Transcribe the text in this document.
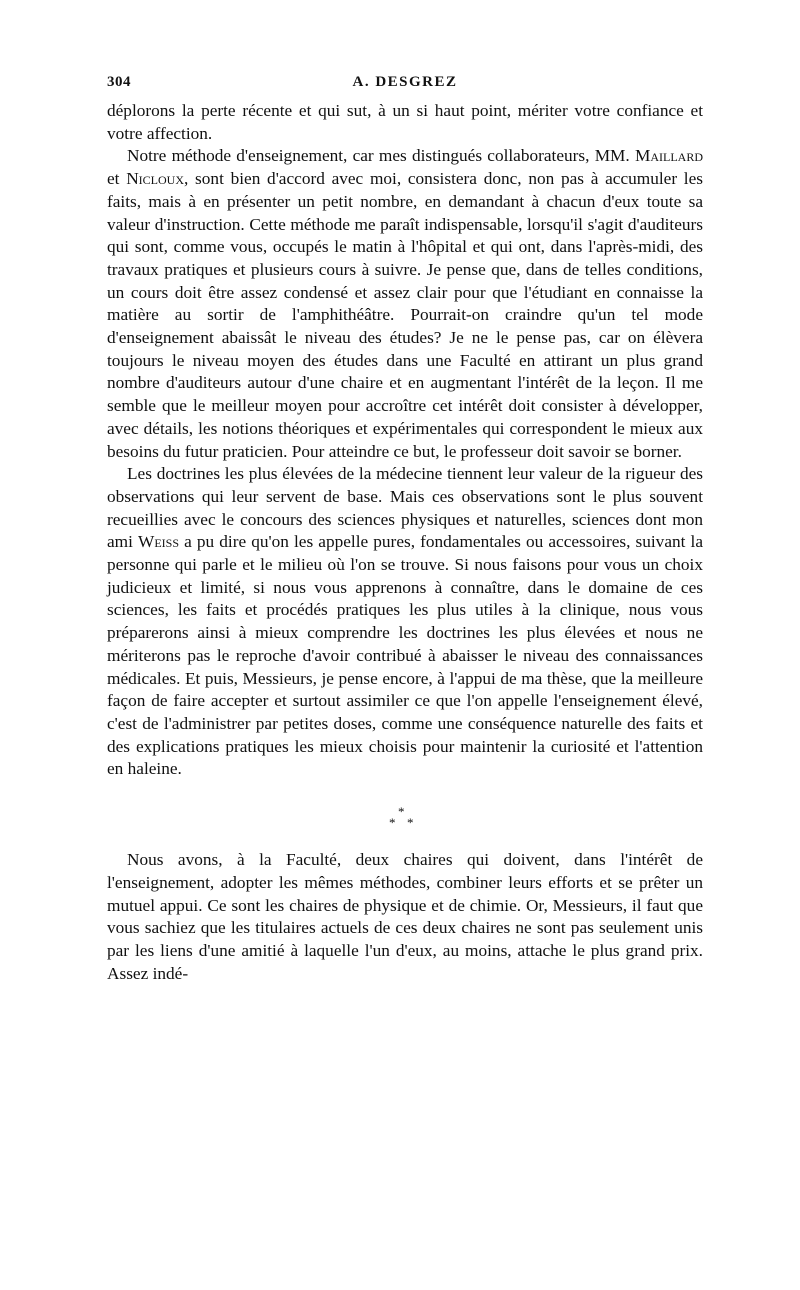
304	A. DESGREZ

déplorons la perte récente et qui sut, à un si haut point, mériter votre confiance et votre affection.

Notre méthode d'enseignement, car mes distingués collaborateurs, MM. Maillard et Nicloux, sont bien d'accord avec moi, consistera donc, non pas à accumuler les faits, mais à en présenter un petit nombre, en demandant à chacun d'eux toute sa valeur d'instruction. Cette méthode me paraît indispensable, lorsqu'il s'agit d'auditeurs qui sont, comme vous, occupés le matin à l'hôpital et qui ont, dans l'après-midi, des travaux pratiques et plusieurs cours à suivre. Je pense que, dans de telles conditions, un cours doit être assez condensé et assez clair pour que l'étudiant en connaisse la matière au sortir de l'amphithéâtre. Pourrait-on craindre qu'un tel mode d'enseignement abaissât le niveau des études? Je ne le pense pas, car on élèvera toujours le niveau moyen des études dans une Faculté en attirant un plus grand nombre d'auditeurs autour d'une chaire et en augmentant l'intérêt de la leçon. Il me semble que le meilleur moyen pour accroître cet intérêt doit consister à développer, avec détails, les notions théoriques et expérimentales qui correspondent le mieux aux besoins du futur praticien. Pour atteindre ce but, le professeur doit savoir se borner.

Les doctrines les plus élevées de la médecine tiennent leur valeur de la rigueur des observations qui leur servent de base. Mais ces observations sont le plus souvent recueillies avec le concours des sciences physiques et naturelles, sciences dont mon ami Weiss a pu dire qu'on les appelle pures, fondamentales ou accessoires, suivant la personne qui parle et le milieu où l'on se trouve. Si nous faisons pour vous un choix judicieux et limité, si nous vous apprenons à connaître, dans le domaine de ces sciences, les faits et procédés pratiques les plus utiles à la clinique, nous vous préparerons ainsi à mieux comprendre les doctrines les plus élevées et nous ne mériterons pas le reproche d'avoir contribué à abaisser le niveau des connaissances médicales. Et puis, Messieurs, je pense encore, à l'appui de ma thèse, que la meilleure façon de faire accepter et surtout assimiler ce que l'on appelle l'enseignement élevé, c'est de l'administrer par petites doses, comme une conséquence naturelle des faits et des explications pratiques les mieux choisis pour maintenir la curiosité et l'attention en haleine.

*
* *

Nous avons, à la Faculté, deux chaires qui doivent, dans l'intérêt de l'enseignement, adopter les mêmes méthodes, combiner leurs efforts et se prêter un mutuel appui. Ce sont les chaires de physique et de chimie. Or, Messieurs, il faut que vous sachiez que les titulaires actuels de ces deux chaires ne sont pas seulement unis par les liens d'une amitié à laquelle l'un d'eux, au moins, attache le plus grand prix. Assez indé-
